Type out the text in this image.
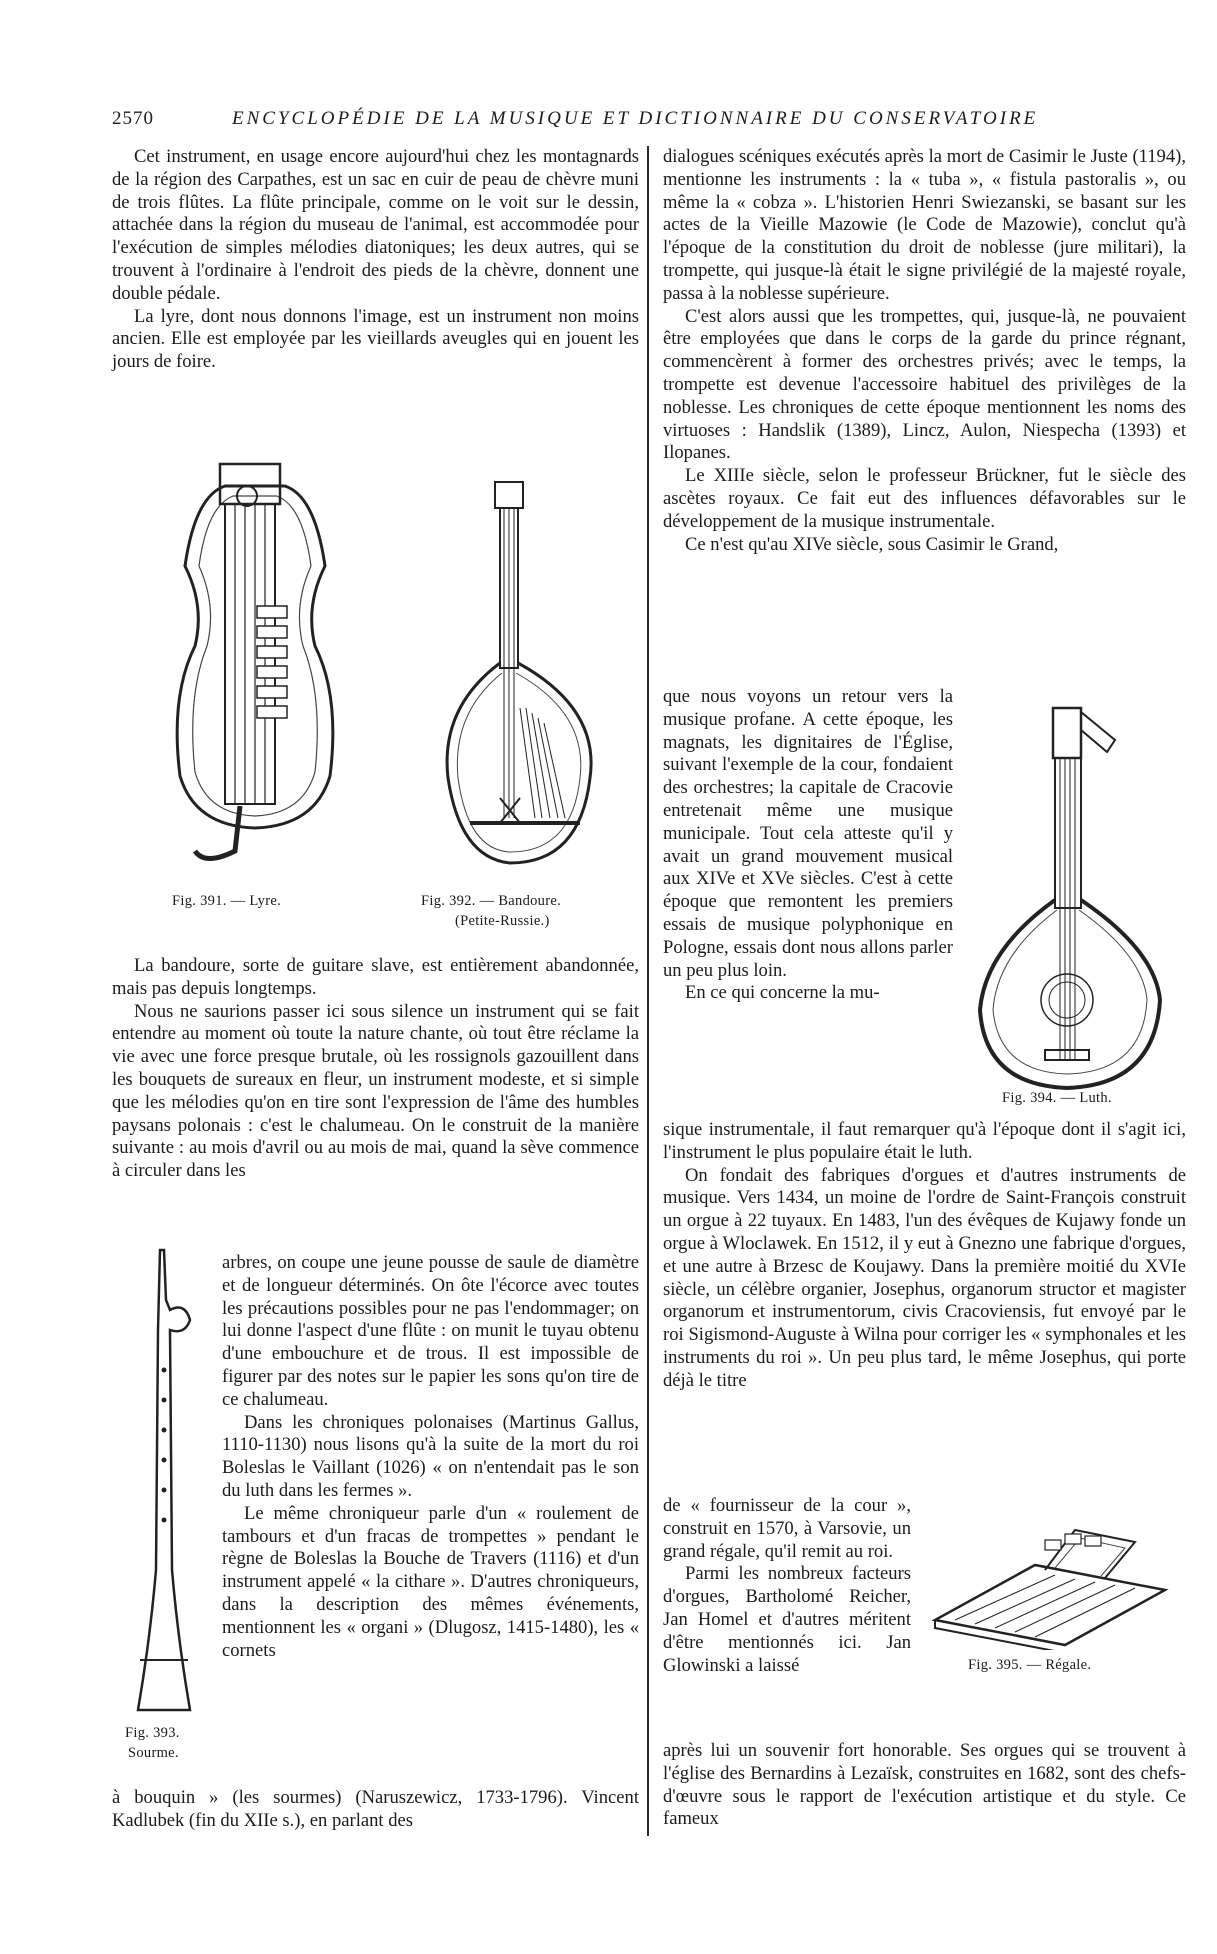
2570	ENCYCLOPÉDIE DE LA MUSIQUE ET DICTIONNAIRE DU CONSERVATOIRE

Cet instrument, en usage encore aujourd'hui chez les montagnards de la région des Carpathes, est un sac en cuir de peau de chèvre muni de trois flûtes. La flûte principale, comme on le voit sur le dessin, attachée dans la région du museau de l'animal, est accommodée pour l'exécution de simples mélodies diatoniques; les deux autres, qui se trouvent à l'ordinaire à l'endroit des pieds de la chèvre, donnent une double pédale.

La lyre, dont nous donnons l'image, est un instrument non moins ancien. Elle est employée par les vieillards aveugles qui en jouent les jours de foire.

Fig. 391. — Lyre.	Fig. 392. — Bandoure.
(Petite-Russie.)

La bandoure, sorte de guitare slave, est entièrement abandonnée, mais pas depuis longtemps.

Nous ne saurions passer ici sous silence un instrument qui se fait entendre au moment où toute la nature chante, où tout être réclame la vie avec une force presque brutale, où les rossignols gazouillent dans les bouquets de sureaux en fleur, un instrument modeste, et si simple que les mélodies qu'on en tire sont l'expression de l'âme des humbles paysans polonais : c'est le chalumeau. On le construit de la manière suivante : au mois d'avril ou au mois de mai, quand la sève commence à circuler dans les

Fig. 393.
Sourme.

arbres, on coupe une jeune pousse de saule de diamètre et de longueur déterminés. On ôte l'écorce avec toutes les précautions possibles pour ne pas l'endommager; on lui donne l'aspect d'une flûte : on munit le tuyau obtenu d'une embouchure et de trous. Il est impossible de figurer par des notes sur le papier les sons qu'on tire de ce chalumeau.

Dans les chroniques polonaises (Martinus Gallus, 1110-1130) nous lisons qu'à la suite de la mort du roi Boleslas le Vaillant (1026) « on n'entendait pas le son du luth dans les fermes ».

Le même chroniqueur parle d'un « roulement de tambours et d'un fracas de trompettes » pendant le règne de Boleslas la Bouche de Travers (1116) et d'un instrument appelé « la cithare ». D'autres chroniqueurs, dans la description des mêmes événements, mentionnent les « organi » (Dlugosz, 1415-1480), les « cornets

à bouquin » (les sourmes) (Naruszewicz, 1733-1796). Vincent Kadlubek (fin du XIIe s.), en parlant des

dialogues scéniques exécutés après la mort de Casimir le Juste (1194), mentionne les instruments : la « tuba », « fistula pastoralis », ou même la « cobza ». L'historien Henri Swiezanski, se basant sur les actes de la Vieille Mazowie (le Code de Mazowie), conclut qu'à l'époque de la constitution du droit de noblesse (jure militari), la trompette, qui jusque-là était le signe privilégié de la majesté royale, passa à la noblesse supérieure.

C'est alors aussi que les trompettes, qui, jusque-là, ne pouvaient être employées que dans le corps de la garde du prince régnant, commencèrent à former des orchestres privés; avec le temps, la trompette est devenue l'accessoire habituel des privilèges de la noblesse. Les chroniques de cette époque mentionnent les noms des virtuoses : Handslik (1389), Lincz, Aulon, Niespecha (1393) et Ilopanes.

Le XIIIe siècle, selon le professeur Brückner, fut le siècle des ascètes royaux. Ce fait eut des influences défavorables sur le développement de la musique instrumentale.

Ce n'est qu'au XIVe siècle, sous Casimir le Grand,

que nous voyons un retour vers la musique profane. A cette époque, les magnats, les dignitaires de l'Église, suivant l'exemple de la cour, fondaient des orchestres; la capitale de Cracovie entretenait même une musique municipale. Tout cela atteste qu'il y avait un grand mouvement musical aux XIVe et XVe siècles. C'est à cette époque que remontent les premiers essais de musique polyphonique en Pologne, essais dont nous allons parler un peu plus loin.

En ce qui concerne la mu-

Fig. 394. — Luth.

sique instrumentale, il faut remarquer qu'à l'époque dont il s'agit ici, l'instrument le plus populaire était le luth.

On fondait des fabriques d'orgues et d'autres instruments de musique. Vers 1434, un moine de l'ordre de Saint-François construit un orgue à 22 tuyaux. En 1483, l'un des évêques de Kujawy fonde un orgue à Wloclawek. En 1512, il y eut à Gnezno une fabrique d'orgues, et une autre à Brzesc de Koujawy. Dans la première moitié du XVIe siècle, un célèbre organier, Josephus, organorum structor et magister organorum et instrumentorum, civis Cracoviensis, fut envoyé par le roi Sigismond-Auguste à Wilna pour corriger les « symphonales et les instruments du roi ». Un peu plus tard, le même Josephus, qui porte déjà le titre

de « fournisseur de la cour », construit en 1570, à Varsovie, un grand régale, qu'il remit au roi.

Parmi les nombreux facteurs d'orgues, Bartholomé Reicher, Jan Homel et d'autres méritent d'être mentionnés ici. Jan Glowinski a laissé	Fig. 395. — Régale.

après lui un souvenir fort honorable. Ses orgues qui se trouvent à l'église des Bernardins à Lezaïsk, construites en 1682, sont des chefs-d'œuvre sous le rapport de l'exécution artistique et du style. Ce fameux
